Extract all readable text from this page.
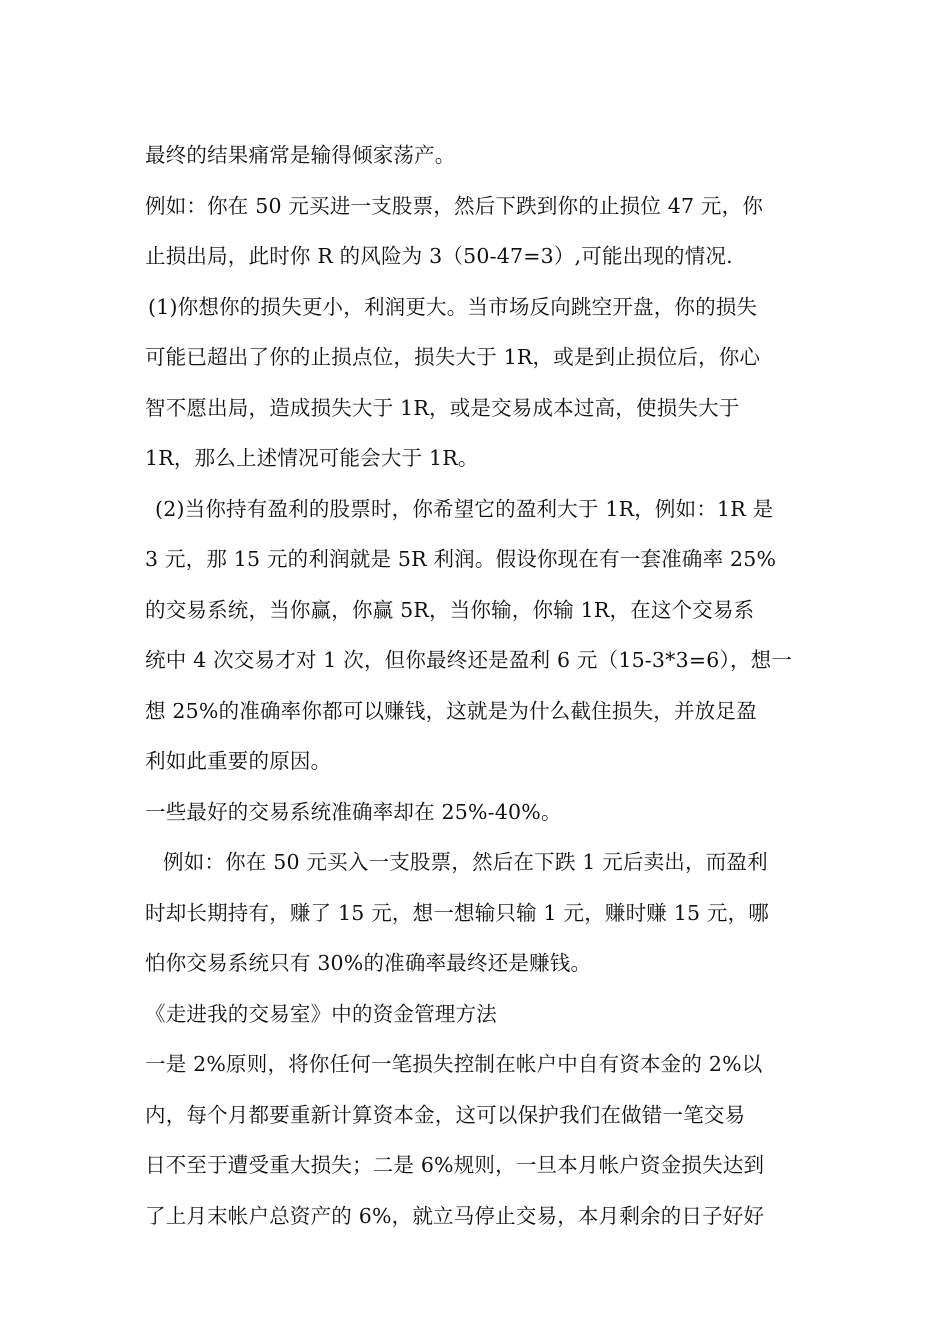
最终的结果痛常是输得倾家荡产。
例如：你在 50 元买进一支股票，然后下跌到你的止损位 47 元，你
止损出局，此时你 R 的风险为 3（50-47=3）,可能出现的情况.
(1)你想你的损失更小，利润更大。当市场反向跳空开盘，你的损失
可能已超出了你的止损点位，损失大于 1R，或是到止损位后，你心
智不愿出局，造成损失大于 1R，或是交易成本过高，使损失大于
1R，那么上述情况可能会大于 1R。
(2)当你持有盈利的股票时，你希望它的盈利大于 1R，例如：1R 是
3 元，那 15 元的利润就是 5R 利润。假设你现在有一套准确率 25%
的交易系统，当你赢，你赢 5R，当你输，你输 1R，在这个交易系
统中 4 次交易才对 1 次，但你最终还是盈利 6 元（15-3*3=6），想一
想 25%的准确率你都可以赚钱，这就是为什么截住损失，并放足盈
利如此重要的原因。
一些最好的交易系统准确率却在 25%-40%。
例如：你在 50 元买入一支股票，然后在下跌 1 元后卖出，而盈利
时却长期持有，赚了 15 元，想一想输只输 1 元，赚时赚 15 元，哪
怕你交易系统只有 30%的准确率最终还是赚钱。
《走进我的交易室》中的资金管理方法
一是 2%原则，将你任何一笔损失控制在帐户中自有资本金的 2%以
内，每个月都要重新计算资本金，这可以保护我们在做错一笔交易
日不至于遭受重大损失；二是 6%规则，一旦本月帐户资金损失达到
了上月末帐户总资产的 6%，就立马停止交易，本月剩余的日子好好
